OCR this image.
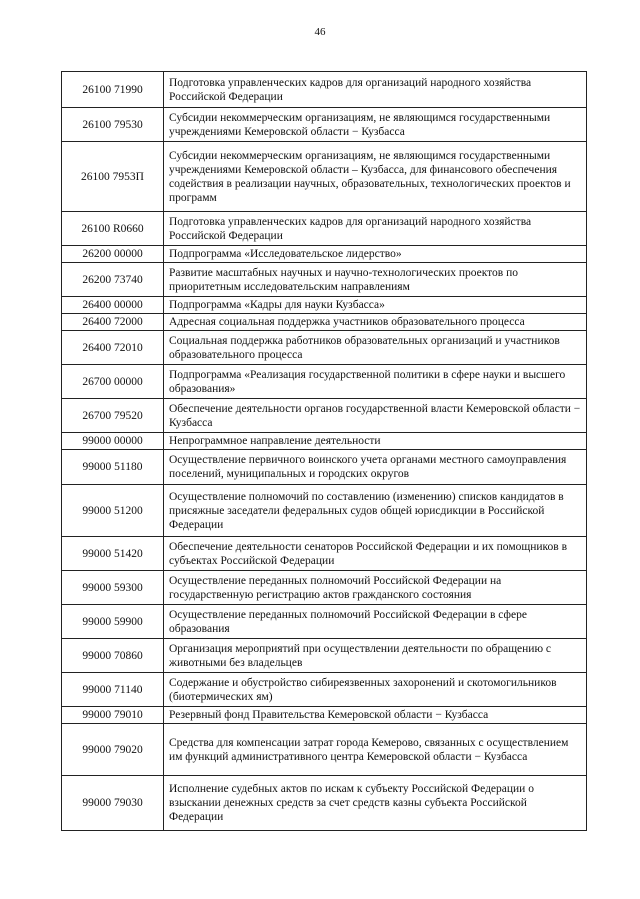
46
26100 71990	Подготовка управленческих кадров для организаций народного хозяйства Российской Федерации
26100 79530	Субсидии некоммерческим организациям, не являющимся государственными учреждениями Кемеровской области − Кузбасса
26100 7953П	Субсидии некоммерческим организациям, не являющимся государственными учреждениями Кемеровской области – Кузбасса, для финансового обеспечения содействия в реализации научных, образовательных, технологических проектов и программ
26100 R0660	Подготовка управленческих кадров для организаций народного хозяйства Российской Федерации
26200 00000	Подпрограмма «Исследовательское лидерство»
26200 73740	Развитие масштабных научных и научно-технологических проектов по приоритетным исследовательским направлениям
26400 00000	Подпрограмма «Кадры для науки Кузбасса»
26400 72000	Адресная социальная поддержка участников образовательного процесса
26400 72010	Социальная поддержка работников образовательных организаций и участников образовательного процесса
26700 00000	Подпрограмма «Реализация государственной политики в сфере науки и высшего образования»
26700 79520	Обеспечение деятельности органов государственной власти Кемеровской области − Кузбасса
99000 00000	Непрограммное направление деятельности
99000 51180	Осуществление первичного воинского учета органами местного самоуправления поселений, муниципальных и городских округов
99000 51200	Осуществление полномочий по составлению (изменению) списков кандидатов в присяжные заседатели федеральных судов общей юрисдикции в Российской Федерации
99000 51420	Обеспечение деятельности сенаторов Российской Федерации и их помощников в субъектах Российской Федерации
99000 59300	Осуществление переданных полномочий Российской Федерации на государственную регистрацию актов гражданского состояния
99000 59900	Осуществление переданных полномочий Российской Федерации в сфере образования
99000 70860	Организация мероприятий при осуществлении деятельности по обращению с животными без владельцев
99000 71140	Содержание и обустройство сибиреязвенных захоронений и скотомогильников (биотермических ям)
99000 79010	Резервный фонд Правительства Кемеровской области − Кузбасса
99000 79020	Средства для компенсации затрат города Кемерово, связанных с осуществлением им функций административного центра Кемеровской области − Кузбасса
99000 79030	Исполнение судебных актов по искам к субъекту Российской Федерации о взыскании денежных средств за счет средств казны субъекта Российской Федерации
